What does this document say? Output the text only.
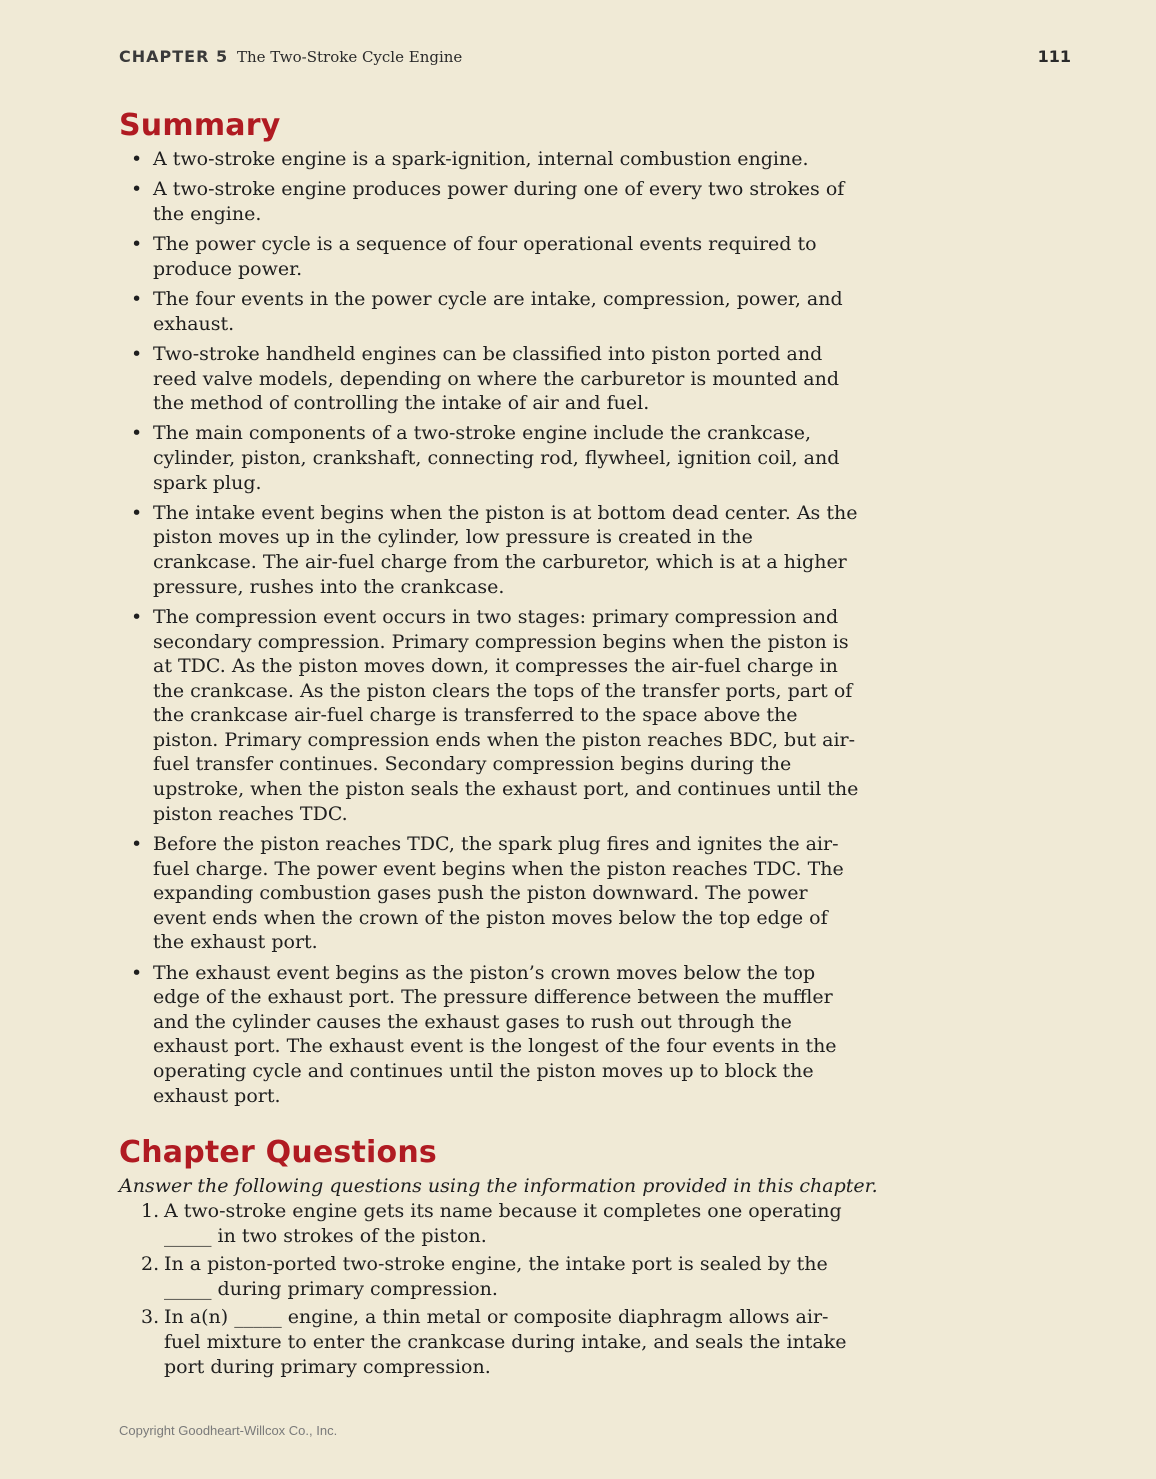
CHAPTER 5 The Two-Stroke Cycle Engine	111
Summary
• A two-stroke engine is a spark-ignition, internal combustion engine.
• A two-stroke engine produces power during one of every two strokes of the engine.
• The power cycle is a sequence of four operational events required to produce power.
• The four events in the power cycle are intake, compression, power, and exhaust.
• Two-stroke handheld engines can be classified into piston ported and reed valve models, depending on where the carburetor is mounted and the method of controlling the intake of air and fuel.
• The main components of a two-stroke engine include the crankcase, cylinder, piston, crankshaft, connecting rod, flywheel, ignition coil, and spark plug.
• The intake event begins when the piston is at bottom dead center. As the piston moves up in the cylinder, low pressure is created in the crankcase. The air-fuel charge from the carburetor, which is at a higher pressure, rushes into the crankcase.
• The compression event occurs in two stages: primary compression and secondary compression. Primary compression begins when the piston is at TDC. As the piston moves down, it compresses the air-fuel charge in the crankcase. As the piston clears the tops of the transfer ports, part of the crankcase air-fuel charge is transferred to the space above the piston. Primary compression ends when the piston reaches BDC, but air-fuel transfer continues. Secondary compression begins during the upstroke, when the piston seals the exhaust port, and continues until the piston reaches TDC.
• Before the piston reaches TDC, the spark plug fires and ignites the air-fuel charge. The power event begins when the piston reaches TDC. The expanding combustion gases push the piston downward. The power event ends when the crown of the piston moves below the top edge of the exhaust port.
• The exhaust event begins as the piston’s crown moves below the top edge of the exhaust port. The pressure difference between the muffler and the cylinder causes the exhaust gases to rush out through the exhaust port. The exhaust event is the longest of the four events in the operating cycle and continues until the piston moves up to block the exhaust port.
Chapter Questions

Answer the following questions using the information provided in this chapter.

1. A two-stroke engine gets its name because it completes one operating _____ in two strokes of the piston.
2. In a piston-ported two-stroke engine, the intake port is sealed by the _____ during primary compression.
3. In a(n) _____ engine, a thin metal or composite diaphragm allows air-fuel mixture to enter the crankcase during intake, and seals the intake port during primary compression.
Copyright Goodheart-Willcox Co., Inc.
